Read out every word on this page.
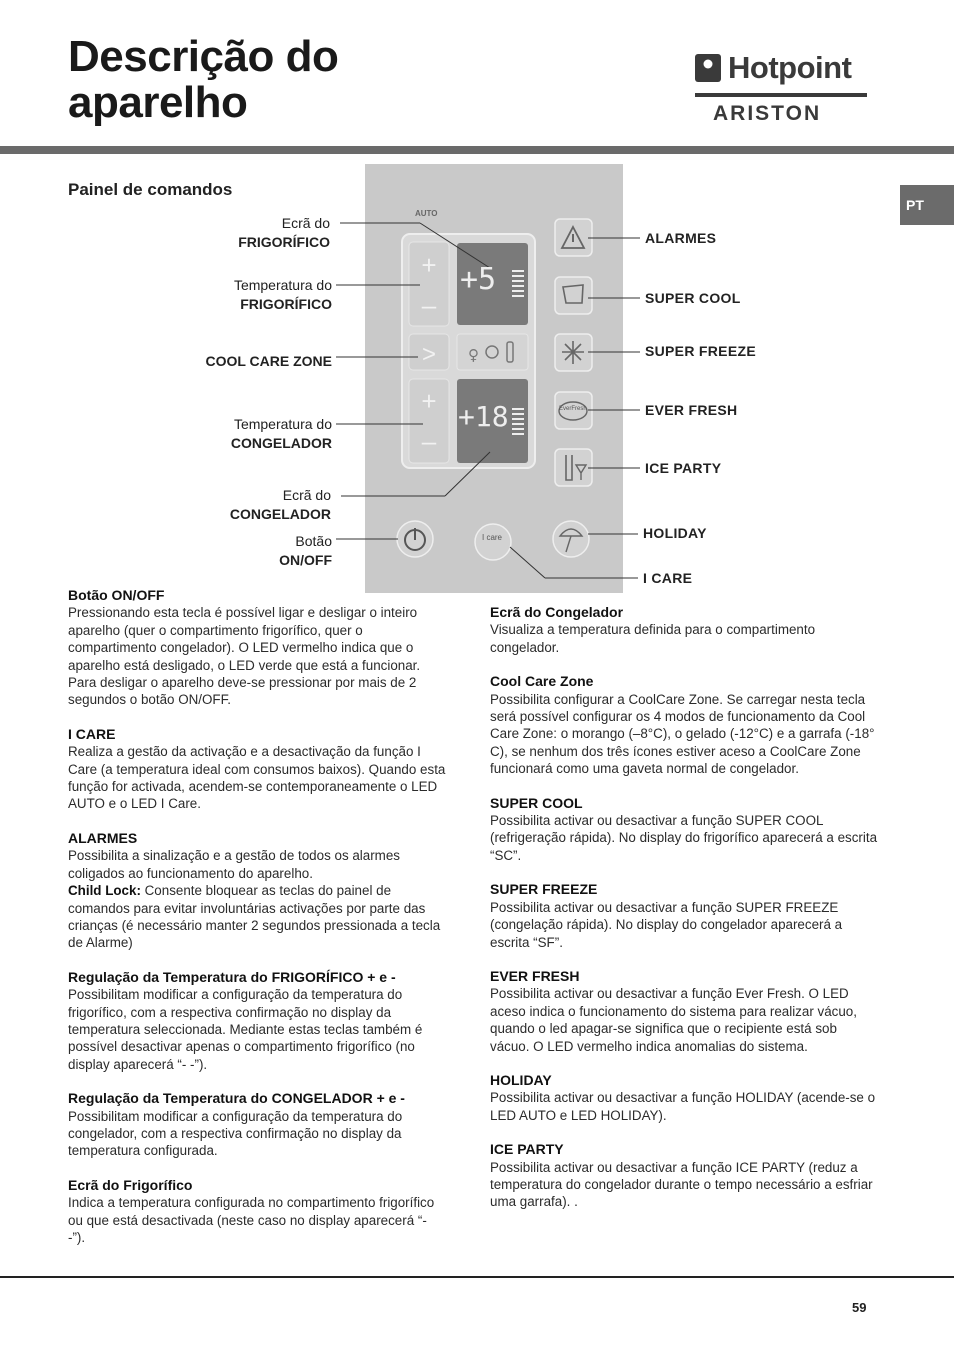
Descrição do
aparelho
Hotpoint
ARISTON
PT
Painel de comandos
+
–
> ♀
+
–
AUTO
+5
+18
I care
EverFresh
Ecrã do
FRIGORÍFICO
Temperatura do
FRIGORÍFICO
COOL CARE ZONE
Temperatura do
CONGELADOR
Ecrã do
CONGELADOR
Botão
ON/OFF
ALARMES
SUPER COOL
SUPER FREEZE
EVER FRESH
ICE PARTY
HOLIDAY
I CARE
Botão ON/OFF

Pressionando esta tecla é possível ligar e desligar o inteiro aparelho (quer o compartimento frigorífico, quer o compartimento congelador). O LED vermelho indica que o aparelho está desligado, o LED verde que está a funcionar. Para desligar o aparelho deve-se pressionar por mais de 2 segundos o botão ON/OFF.

I CARE

Realiza a gestão da activação e a desactivação da função I Care (a temperatura ideal com consumos baixos). Quando esta função for activada, acendem-se contemporaneamente o LED AUTO e o LED I Care.

ALARMES
Possibilita a sinalização e a gestão de todos os alarmes coligados ao funcionamento do aparelho.

Child Lock: Consente bloquear as teclas do painel de comandos para evitar involuntárias activações por parte das crianças (é necessário manter 2 segundos pressionada a tecla de Alarme)

Regulação da Temperatura do FRIGORÍFICO + e -

Possibilitam modificar a configuração da temperatura do frigorífico, com a respectiva confirmação no display da temperatura seleccionada. Mediante estas teclas também é possível desactivar apenas o compartimento frigorífico (no display aparecerá “- -”).

Regulação da Temperatura do CONGELADOR + e -

Possibilitam modificar a configuração da temperatura do congelador, com a respectiva confirmação no display da temperatura configurada.

Ecrã do Frigorífico

Indica a temperatura configurada no compartimento frigorífico ou que está desactivada (neste caso no display aparecerá “- -”).

Ecrã do Congelador

Visualiza a temperatura definida para o compartimento congelador.

Cool Care Zone

Possibilita configurar a CoolCare Zone. Se carregar nesta tecla será possível configurar os 4 modos de funcionamento da Cool Care Zone: o morango (–8°C), o gelado (-12°C) e a garrafa (-18° C), se nenhum dos três ícones estiver aceso a CoolCare Zone funcionará como uma gaveta normal de congelador.

SUPER COOL

Possibilita activar ou desactivar a função SUPER COOL (refrigeração rápida). No display do frigorífico aparecerá a escrita “SC”.

SUPER FREEZE

Possibilita activar ou desactivar a função SUPER FREEZE (congelação rápida). No display do congelador aparecerá a escrita “SF”.

EVER FRESH

Possibilita activar ou desactivar a função Ever Fresh. O LED aceso indica o funcionamento do sistema para realizar vácuo, quando o led apagar-se significa que o recipiente está sob vácuo. O LED vermelho indica anomalias do sistema.

HOLIDAY

Possibilita activar ou desactivar a função HOLIDAY (acende-se o LED AUTO e LED HOLIDAY).

ICE PARTY

Possibilita activar ou desactivar a função ICE PARTY (reduz a temperatura do congelador durante o tempo necessário a esfriar uma garrafa). .

59
